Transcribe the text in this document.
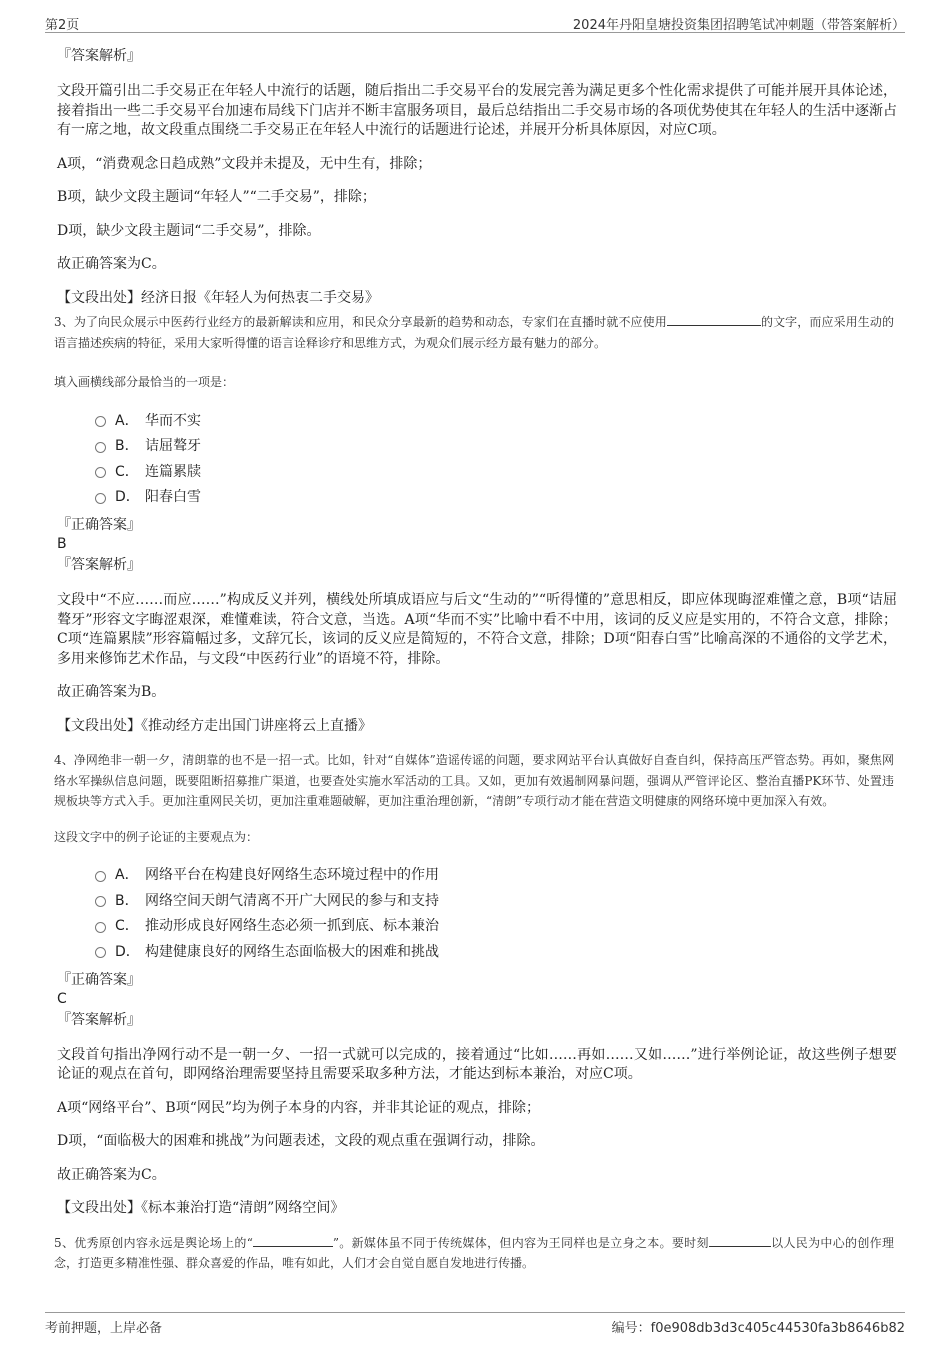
第2页	2024年丹阳皇塘投资集团招聘笔试冲刺题（带答案解析）
『答案解析』

文段开篇引出二手交易正在年轻人中流行的话题，随后指出二手交易平台的发展完善为满足更多个性化需求提供了可能并展开具体论述，接着指出一些二手交易平台加速布局线下门店并不断丰富服务项目，最后总结指出二手交易市场的各项优势使其在年轻人的生活中逐渐占有一席之地，故文段重点围绕二手交易正在年轻人中流行的话题进行论述，并展开分析具体原因，对应C项。

A项，“消费观念日趋成熟”文段并未提及，无中生有，排除；

B项，缺少文段主题词“年轻人”“二手交易”，排除；

D项，缺少文段主题词“二手交易”，排除。

故正确答案为C。

【文段出处】经济日报《年轻人为何热衷二手交易》

3、为了向民众展示中医药行业经方的最新解读和应用，和民众分享最新的趋势和动态，专家们在直播时就不应使用	的文字，而应采用生动的语言描述疾病的特征，采用大家听得懂的语言诠释诊疗和思维方式，为观众们展示经方最有魅力的部分。

填入画横线部分最恰当的一项是：

A． 华而不实
B． 诘屈聱牙
C． 连篇累牍
D． 阳春白雪
『正确答案』
B
『答案解析』

文段中“不应……而应……”构成反义并列，横线处所填成语应与后文“生动的”“听得懂的”意思相反，即应体现晦涩难懂之意，B项“诘屈聱牙”形容文字晦涩艰深，难懂难读，符合文意，当选。A项“华而不实”比喻中看不中用，该词的反义应是实用的，不符合文意，排除；C项“连篇累牍”形容篇幅过多，文辞冗长，该词的反义应是简短的，不符合文意，排除；D项“阳春白雪”比喻高深的不通俗的文学艺术，多用来修饰艺术作品，与文段“中医药行业”的语境不符，排除。

故正确答案为B。

【文段出处】《推动经方走出国门讲座将云上直播》

4、净网绝非一朝一夕，清朗靠的也不是一招一式。比如，针对“自媒体”造谣传谣的问题，要求网站平台认真做好自查自纠，保持高压严管态势。再如，聚焦网络水军操纵信息问题，既要阻断招募推广渠道，也要查处实施水军活动的工具。又如，更加有效遏制网暴问题，强调从严管评论区、整治直播PK环节、处置违规板块等方式入手。更加注重网民关切，更加注重难题破解，更加注重治理创新，“清朗”专项行动才能在营造文明健康的网络环境中更加深入有效。

这段文字中的例子论证的主要观点为：

A． 网络平台在构建良好网络生态环境过程中的作用
B． 网络空间天朗气清离不开广大网民的参与和支持
C． 推动形成良好网络生态必须一抓到底、标本兼治
D． 构建健康良好的网络生态面临极大的困难和挑战
『正确答案』
C
『答案解析』

文段首句指出净网行动不是一朝一夕、一招一式就可以完成的，接着通过“比如……再如……又如……”进行举例论证，故这些例子想要论证的观点在首句，即网络治理需要坚持且需要采取多种方法，才能达到标本兼治，对应C项。

A项“网络平台”、B项“网民”均为例子本身的内容，并非其论证的观点，排除；

D项，“面临极大的困难和挑战”为问题表述，文段的观点重在强调行动，排除。

故正确答案为C。

【文段出处】《标本兼治打造“清朗”网络空间》

5、优秀原创内容永远是舆论场上的“	”。新媒体虽不同于传统媒体，但内容为王同样也是立身之本。要时刻	以人民为中心的创作理念，打造更多精准性强、群众喜爱的作品，唯有如此，人们才会自觉自愿自发地进行传播。

考前押题，上岸必备	编号：f0e908db3d3c405c44530fa3b8646b82
